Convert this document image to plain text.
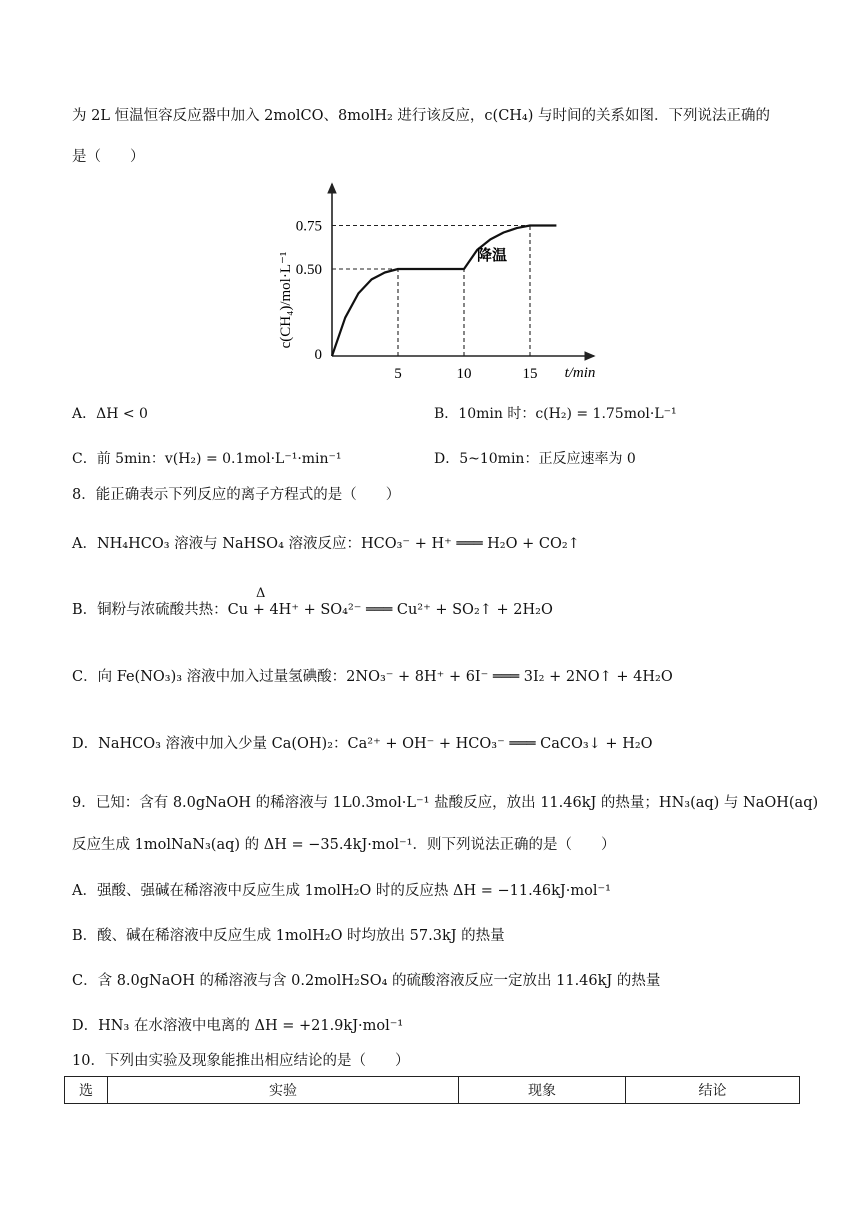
为 2L 恒温恒容反应器中加入 2molCO、8molH₂ 进行该反应，c(CH₄) 与时间的关系如图．下列说法正确的
是（　　）
5	10	15
0
0.50
0.75
c(CH₄)/mol·L⁻¹
t/min
降温
A．ΔH < 0	B．10min 时：c(H₂) = 1.75mol·L⁻¹
C．前 5min：v(H₂) = 0.1mol·L⁻¹·min⁻¹	D．5~10min：正反应速率为 0
8．能正确表示下列反应的离子方程式的是（　　）
A．NH₄HCO₃ 溶液与 NaHSO₄ 溶液反应：HCO₃⁻ + H⁺ ═══ H₂O + CO₂↑
Δ
B．铜粉与浓硫酸共热：Cu + 4H⁺ + SO₄²⁻ ═══ Cu²⁺ + SO₂↑ + 2H₂O
C．向 Fe(NO₃)₃ 溶液中加入过量氢碘酸：2NO₃⁻ + 8H⁺ + 6I⁻ ═══ 3I₂ + 2NO↑ + 4H₂O
D．NaHCO₃ 溶液中加入少量 Ca(OH)₂：Ca²⁺ + OH⁻ + HCO₃⁻ ═══ CaCO₃↓ + H₂O
9．已知：含有 8.0gNaOH 的稀溶液与 1L0.3mol·L⁻¹ 盐酸反应，放出 11.46kJ 的热量；HN₃(aq) 与 NaOH(aq)
反应生成 1molNaN₃(aq) 的 ΔH = −35.4kJ·mol⁻¹．则下列说法正确的是（　　）
A．强酸、强碱在稀溶液中反应生成 1molH₂O 时的反应热 ΔH = −11.46kJ·mol⁻¹
B．酸、碱在稀溶液中反应生成 1molH₂O 时均放出 57.3kJ 的热量
C．含 8.0gNaOH 的稀溶液与含 0.2molH₂SO₄ 的硫酸溶液反应一定放出 11.46kJ 的热量
D．HN₃ 在水溶液中电离的 ΔH = +21.9kJ·mol⁻¹
10．下列由实验及现象能推出相应结论的是（　　）
选	实验	现象	结论
